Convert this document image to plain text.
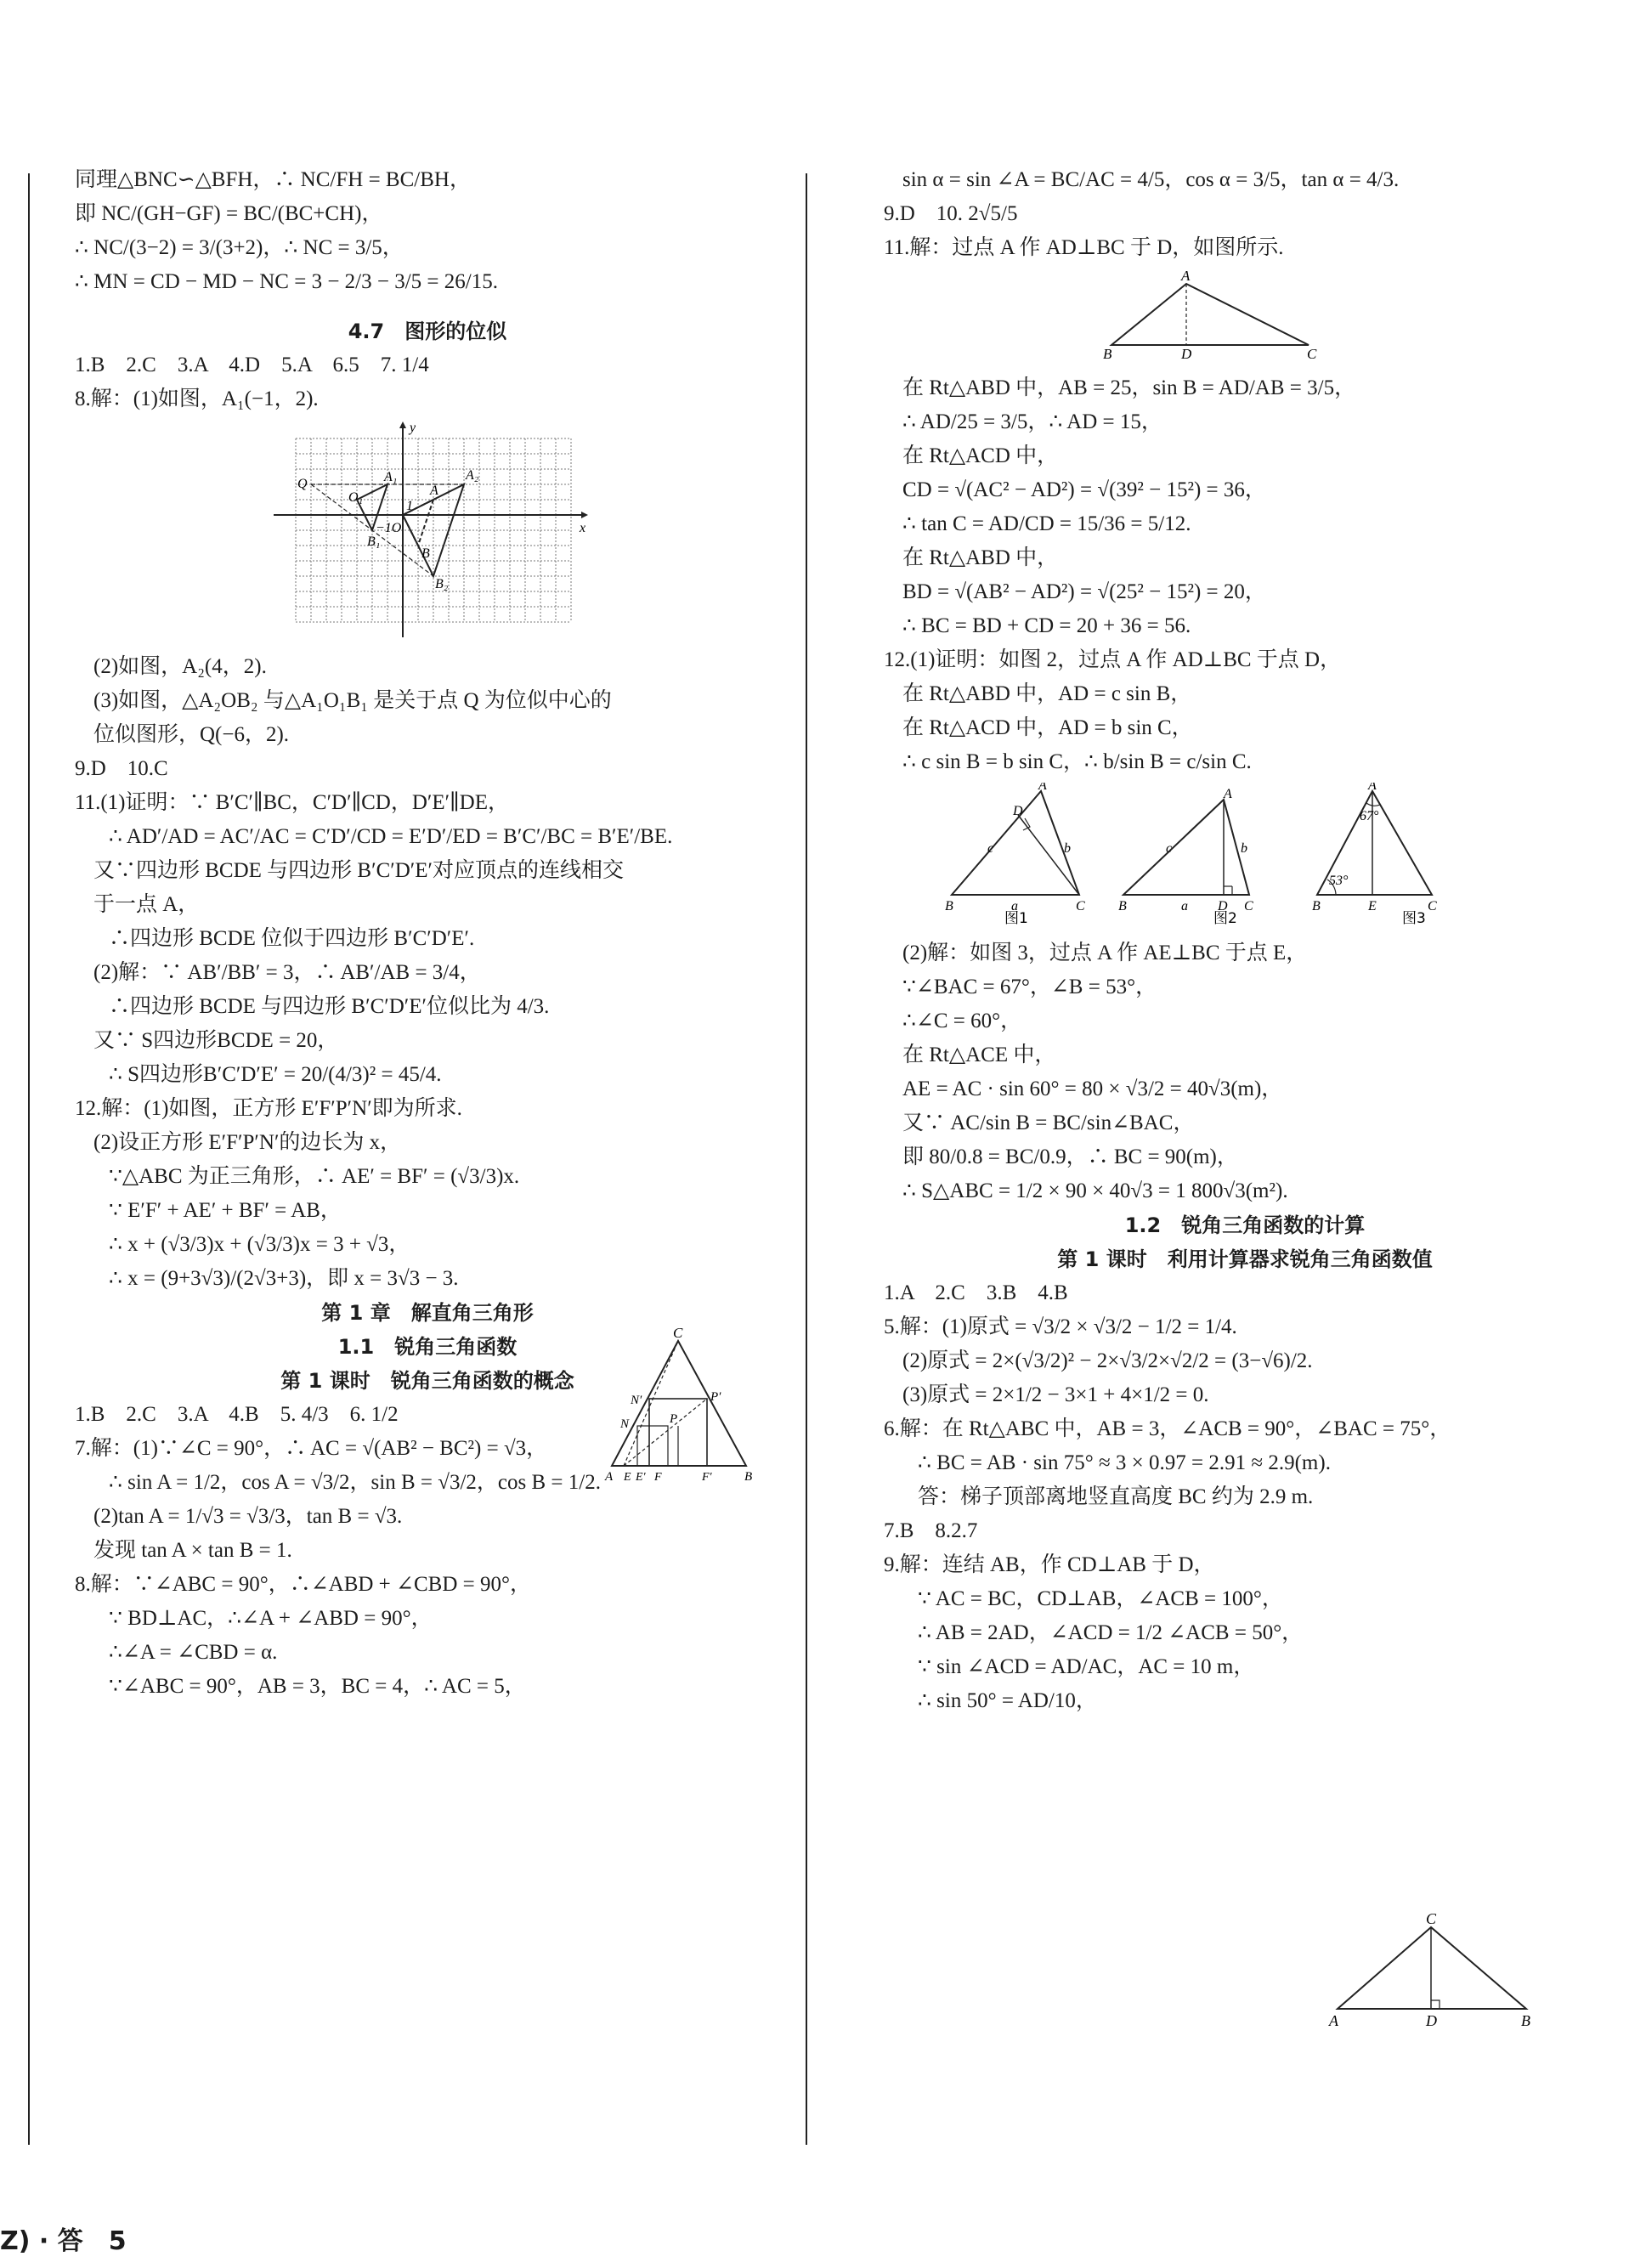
同理△BNC∽△BFH，∴ NC/FH = BC/BH，
即 NC/(GH−GF) = BC/(BC+CH)，
∴ NC/(3−2) = 3/(3+2)，∴ NC = 3/5，
∴ MN = CD − MD − NC = 3 − 2/3 − 3/5 = 26/15.
4.7　图形的位似
1.B　2.C　3.A　4.D　5.A　6.5　7. 1/4
8.解：(1)如图，A₁(−1，2).
y
Q
O₁
A₁	A₂
A
1
−1O
B₁
B
x
B₂
(2)如图，A₂(4，2).
(3)如图，△A₂OB₂ 与△A₁O₁B₁ 是关于点 Q 为位似中心的
位似图形，Q(−6，2).
9.D　10.C
11.(1)证明：∵ B′C′∥BC，C′D′∥CD，D′E′∥DE，
∴ AD′/AD = AC′/AC = C′D′/CD = E′D′/ED = B′C′/BC = B′E′/BE.
又∵四边形 BCDE 与四边形 B′C′D′E′对应顶点的连线相交
于一点 A，
∴四边形 BCDE 位似于四边形 B′C′D′E′.
(2)解：∵ AB′/BB′ = 3，∴ AB′/AB = 3/4，
∴四边形 BCDE 与四边形 B′C′D′E′位似比为 4/3.
又∵ S四边形BCDE = 20，
∴ S四边形B′C′D′E′ = 20/(4/3)² = 45/4.
12.解：(1)如图，正方形 E′F′P′N′即为所求.
(2)设正方形 E′F′P′N′的边长为 x，
∵△ABC 为正三角形，∴ AE′ = BF′ = (√3/3)x.
∵ E′F′ + AE′ + BF′ = AB，
∴ x + (√3/3)x + (√3/3)x = 3 + √3，
∴ x = (9+3√3)/(2√3+3)，即 x = 3√3 − 3.
第 1 章　解直角三角形
1.1　锐角三角函数
第 1 课时　锐角三角函数的概念
1.B　2.C　3.A　4.B　5. 4/3　6. 1/2
7.解：(1)∵∠C = 90°，∴ AC = √(AB² − BC²) = √3，
∴ sin A = 1/2，cos A = √3/2，sin B = √3/2，cos B = 1/2.
(2)tan A = 1/√3 = √3/3，tan B = √3.
发现 tan A × tan B = 1.
8.解：∵∠ABC = 90°，∴∠ABD + ∠CBD = 90°，
∵ BD⊥AC，∴∠A + ∠ABD = 90°，
∴∠A = ∠CBD = α.
∵∠ABC = 90°，AB = 3，BC = 4，∴ AC = 5，
sin α = sin ∠A = BC/AC = 4/5，cos α = 3/5，tan α = 4/3.
9.D　10. 2√5/5
11.解：过点 A 作 AD⊥BC 于 D，如图所示.
A
B	D	C
在 Rt△ABD 中，AB = 25，sin B = AD/AB = 3/5，
∴ AD/25 = 3/5，∴ AD = 15，
在 Rt△ACD 中，
CD = √(AC² − AD²) = √(39² − 15²) = 36，
∴ tan C = AD/CD = 15/36 = 5/12.
在 Rt△ABD 中，
BD = √(AB² − AD²) = √(25² − 15²) = 20，
∴ BC = BD + CD = 20 + 36 = 56.
12.(1)证明：如图 2，过点 A 作 AD⊥BC 于点 D，
在 Rt△ABD 中，AD = c sin B，
在 Rt△ACD 中，AD = b sin C，
∴ c sin B = b sin C，∴ b/sin B = c/sin C.
A
D
c	b
B	a	C
图1
A
c	b
B	a D C
图2
A
67°
53°
B	E	C
图3
(2)解：如图 3，过点 A 作 AE⊥BC 于点 E，
∵∠BAC = 67°，∠B = 53°，
∴∠C = 60°，
在 Rt△ACE 中，
AE = AC · sin 60° = 80 × √3/2 = 40√3(m)，
又∵ AC/sin B = BC/sin∠BAC，
即 80/0.8 = BC/0.9，∴ BC = 90(m)，
∴ S△ABC = 1/2 × 90 × 40√3 = 1 800√3(m²).
1.2　锐角三角函数的计算
第 1 课时　利用计算器求锐角三角函数值
1.A　2.C　3.B　4.B
5.解：(1)原式 = √3/2 × √3/2 − 1/2 = 1/4.
(2)原式 = 2×(√3/2)² − 2×√3/2×√2/2 = (3−√6)/2.
(3)原式 = 2×1/2 − 3×1 + 4×1/2 = 0.
6.解：在 Rt△ABC 中，AB = 3，∠ACB = 90°，∠BAC = 75°，
∴ BC = AB · sin 75° ≈ 3 × 0.97 = 2.91 ≈ 2.9(m).
答：梯子顶部离地竖直高度 BC 约为 2.9 m.
7.B　8.2.7
9.解：连结 AB，作 CD⊥AB 于 D，
∵ AC = BC，CD⊥AB，∠ACB = 100°，
∴ AB = 2AD，∠ACD = 1/2 ∠ACB = 50°，
∵ sin ∠ACD = AD/AC，AC = 10 m，
∴ sin 50° = AD/10，
C
N′
N	P
P′
A E E′ F	F′	B
C
A	D	B
Z) · 答　5
